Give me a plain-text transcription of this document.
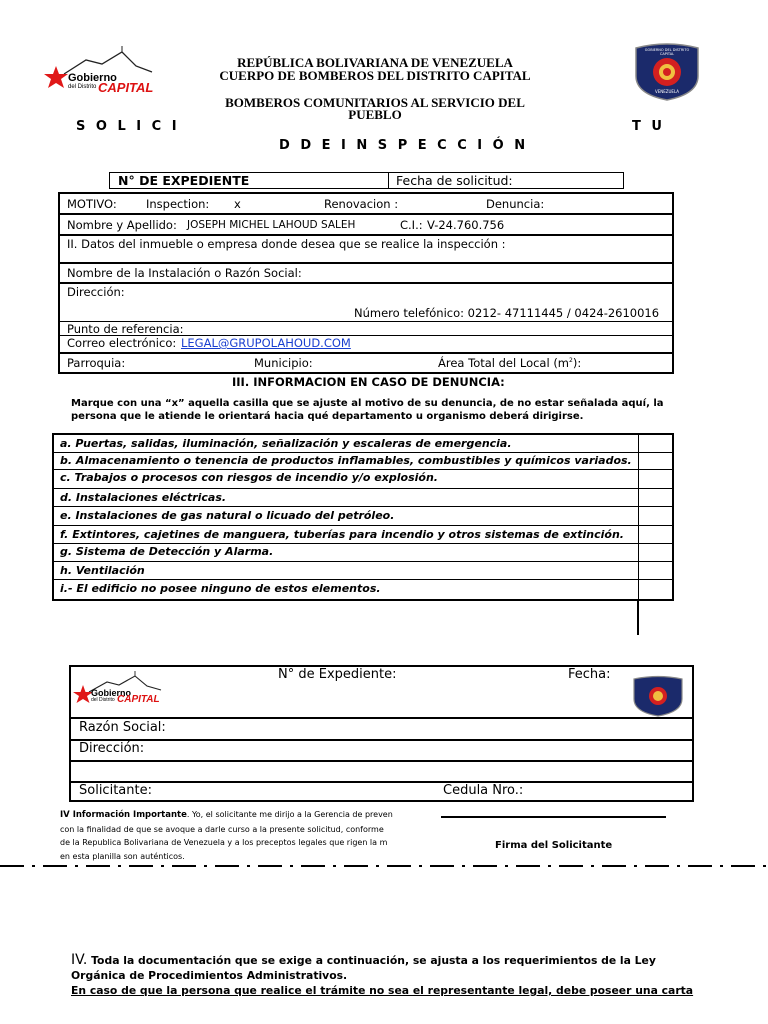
Gobierno
del Distrito CAPITAL
REPÚBLICA BOLIVARIANA DE VENEZUELA
CUERPO DE BOMBEROS DEL DISTRITO CAPITAL
BOMBEROS COMUNITARIOS AL SERVICIO DEL
PUEBLO
GOBIERNO DEL DISTRITO CAPITAL
VENEZUELA
S O L I C I	T U
D D E I N S P E C C I Ó N
N° DE EXPEDIENTE	Fecha de solicitud:
MOTIVO:	Inspection: x	Renovacion :	Denuncia:
Nombre y Apellido: JOSEPH MICHEL LAHOUD SALEH	C.I.: V-24.760.756
II. Datos del inmueble o empresa donde desea que se realice la inspección :
Nombre de la Instalación o Razón Social:
Dirección:
Número telefónico: 0212- 47111445 / 0424-2610016
Punto de referencia:
Correo electrónico: LEGAL@GRUPOLAHOUD.COM
Parroquia:	Municipio:	Área Total del Local $(m^2)$:
III. INFORMACION EN CASO DE DENUNCIA:
Marque con una “x” aquella casilla que se ajuste al motivo de su denuncia, de no estar señalada aquí, la persona que le atiende le orientará hacia qué departamento u organismo deberá dirigirse.
a. Puertas, salidas, iluminación, señalización y escaleras de emergencia.
b. Almacenamiento o tenencia de productos inflamables, combustibles y químicos variados.
c. Trabajos o procesos con riesgos de incendio y/o explosión.
d. Instalaciones eléctricas.
e. Instalaciones de gas natural o licuado del petróleo.
f. Extintores, cajetines de manguera, tuberías para incendio y otros sistemas de extinción.
g. Sistema de Detección y Alarma.
h. Ventilación
i.- El edificio no posee ninguno de estos elementos.
Gobierno
del Distrito CAPITAL
N° de Expediente:	Fecha:
Razón Social:
Dirección:
Solicitante:	Cedula Nro.:
IV Información Importante. Yo, el solicitante me dirijo a la Gerencia de preven
con la finalidad de que se avoque a darle curso a la presente solicitud, conforme
de la Republica Bolivariana de Venezuela y a los preceptos legales que rigen la m
en esta planilla son auténticos.
Firma del Solicitante
IV. Toda la documentación que se exige a continuación, se ajusta a los requerimientos de la Ley
Orgánica de Procedimientos Administrativos.
En caso de que la persona que realice el trámite no sea el representante legal, debe poseer una carta
